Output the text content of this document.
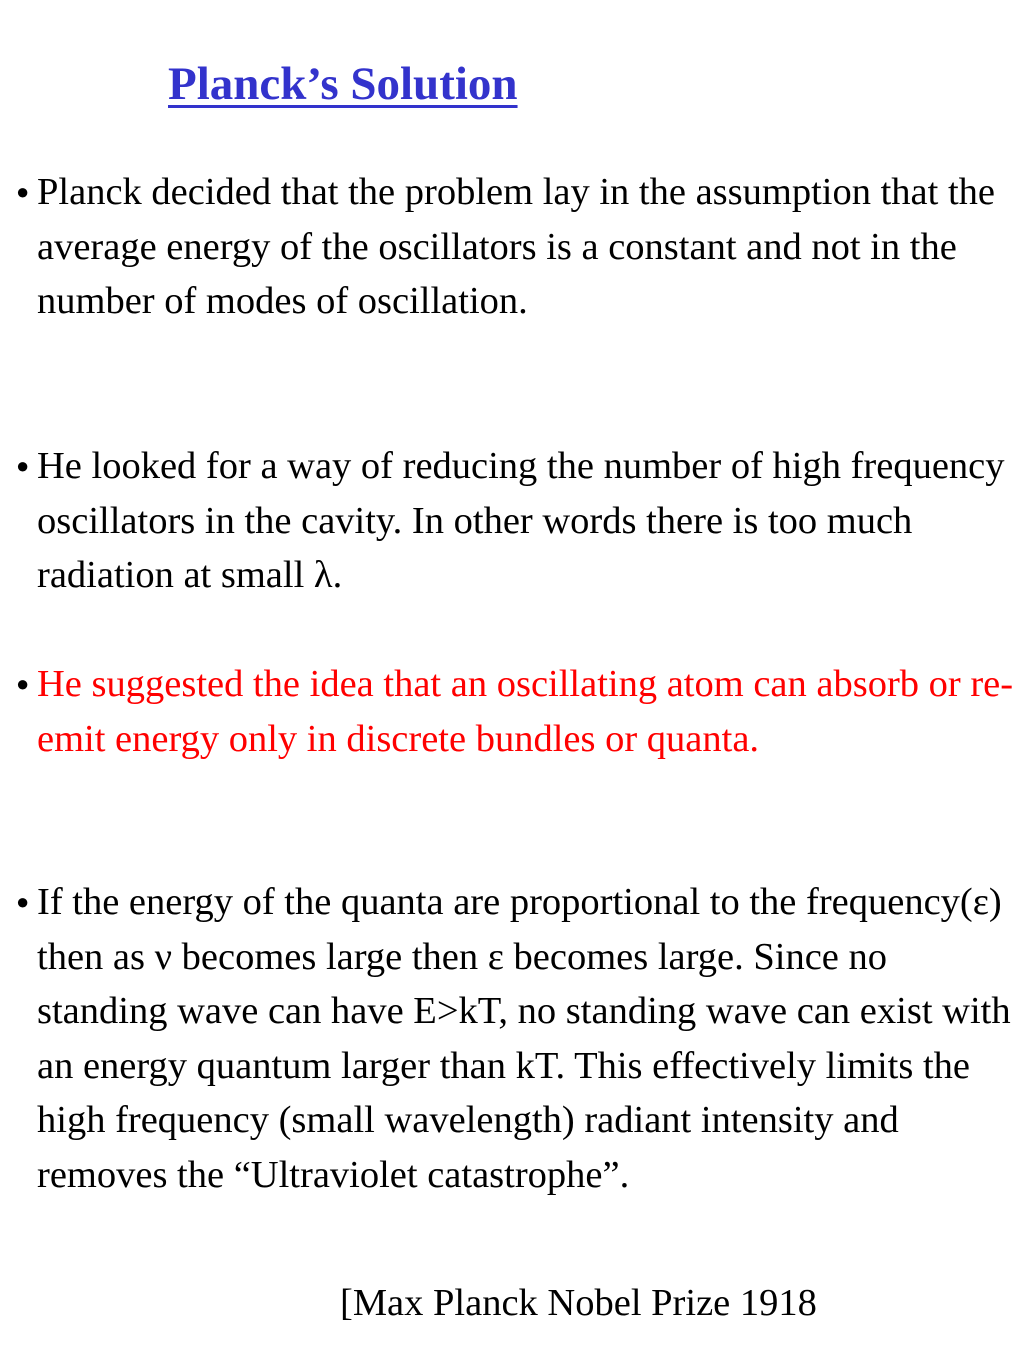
Planck’s Solution
● Planck decided that the problem lay in the assumption that the average energy of the oscillators is a constant and not in the number of modes of oscillation.
● He looked for a way of reducing the number of high frequency oscillators in the cavity. In other words there is too much radiation at small λ.
● He suggested the idea that an oscillating atom can absorb or re-emit energy only in discrete bundles or quanta.
● If the energy of the quanta are proportional to the frequency(ε) then as ν becomes large then ε becomes large. Since no standing wave can have E>kT, no standing wave can exist with an energy quantum larger than kT. This effectively limits the high frequency (small wavelength) radiant intensity and removes the “Ultraviolet catastrophe”.
[Max Planck Nobel Prize 1918
